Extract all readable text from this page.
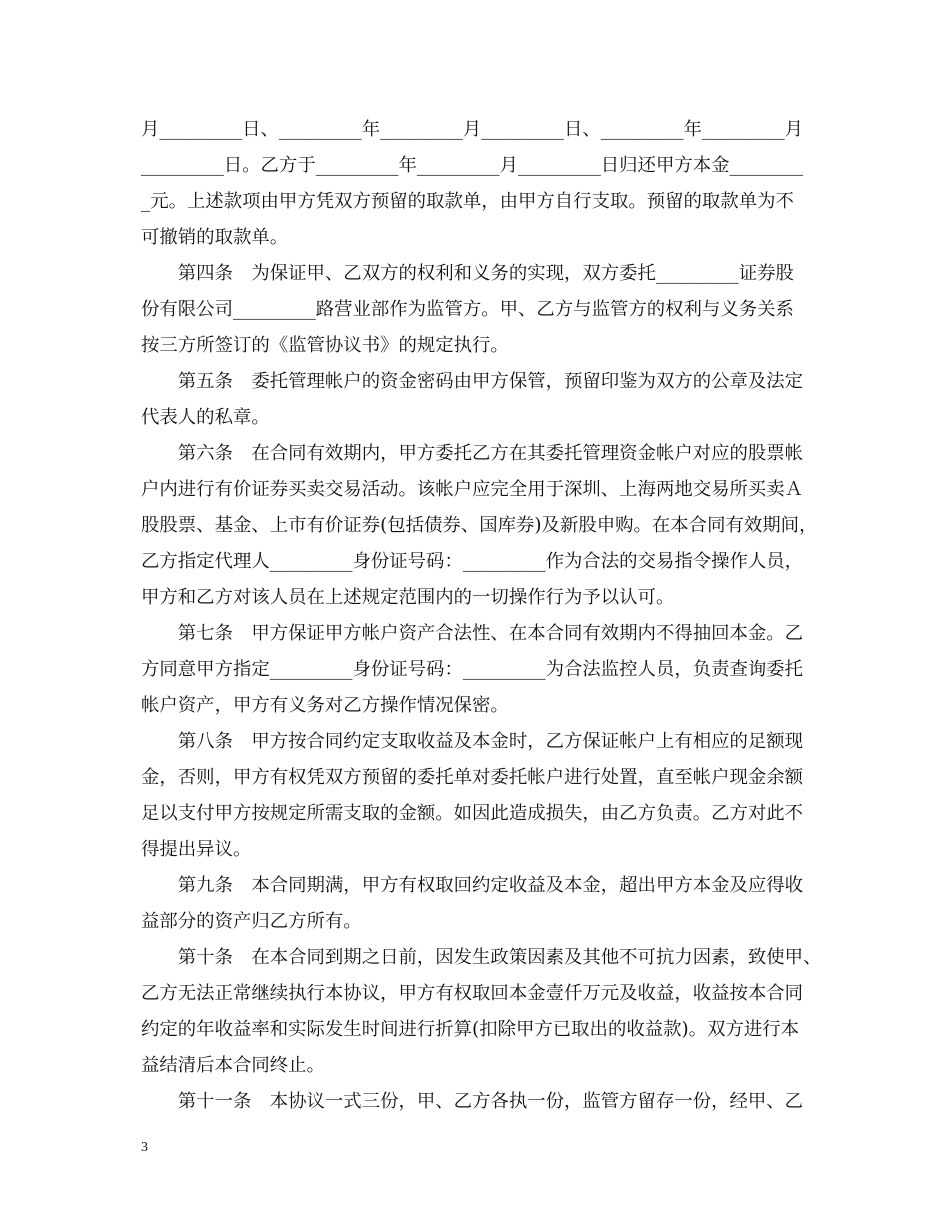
月_________日、_________年_________月_________日、_________年_________月
_________日。乙方于_________年_________月_________日归还甲方本金________
_元。上述款项由甲方凭双方预留的取款单，由甲方自行支取。预留的取款单为不
可撤销的取款单。
　　第四条　为保证甲、乙双方的权利和义务的实现，双方委托_________证券股
份有限公司_________路营业部作为监管方。甲、乙方与监管方的权利与义务关系
按三方所签订的《监管协议书》的规定执行。
　　第五条　委托管理帐户的资金密码由甲方保管，预留印鉴为双方的公章及法定
代表人的私章。
　　第六条　在合同有效期内，甲方委托乙方在其委托管理资金帐户对应的股票帐
户内进行有价证券买卖交易活动。该帐户应完全用于深圳、上海两地交易所买卖Ａ
股股票、基金、上市有价证券(包括债券、国库券)及新股申购。在本合同有效期间，
乙方指定代理人_________身份证号码：_________作为合法的交易指令操作人员，
甲方和乙方对该人员在上述规定范围内的一切操作行为予以认可。
　　第七条　甲方保证甲方帐户资产合法性、在本合同有效期内不得抽回本金。乙
方同意甲方指定_________身份证号码：_________为合法监控人员，负责查询委托
帐户资产，甲方有义务对乙方操作情况保密。
　　第八条　甲方按合同约定支取收益及本金时，乙方保证帐户上有相应的足额现
金，否则，甲方有权凭双方预留的委托单对委托帐户进行处置，直至帐户现金余额
足以支付甲方按规定所需支取的金额。如因此造成损失，由乙方负责。乙方对此不
得提出异议。
　　第九条　本合同期满，甲方有权取回约定收益及本金，超出甲方本金及应得收
益部分的资产归乙方所有。
　　第十条　在本合同到期之日前，因发生政策因素及其他不可抗力因素，致使甲、
乙方无法正常继续执行本协议，甲方有权取回本金壹仟万元及收益，收益按本合同
约定的年收益率和实际发生时间进行折算(扣除甲方已取出的收益款)。双方进行本
益结清后本合同终止。
　　第十一条　本协议一式三份，甲、乙方各执一份，监管方留存一份，经甲、乙
3
